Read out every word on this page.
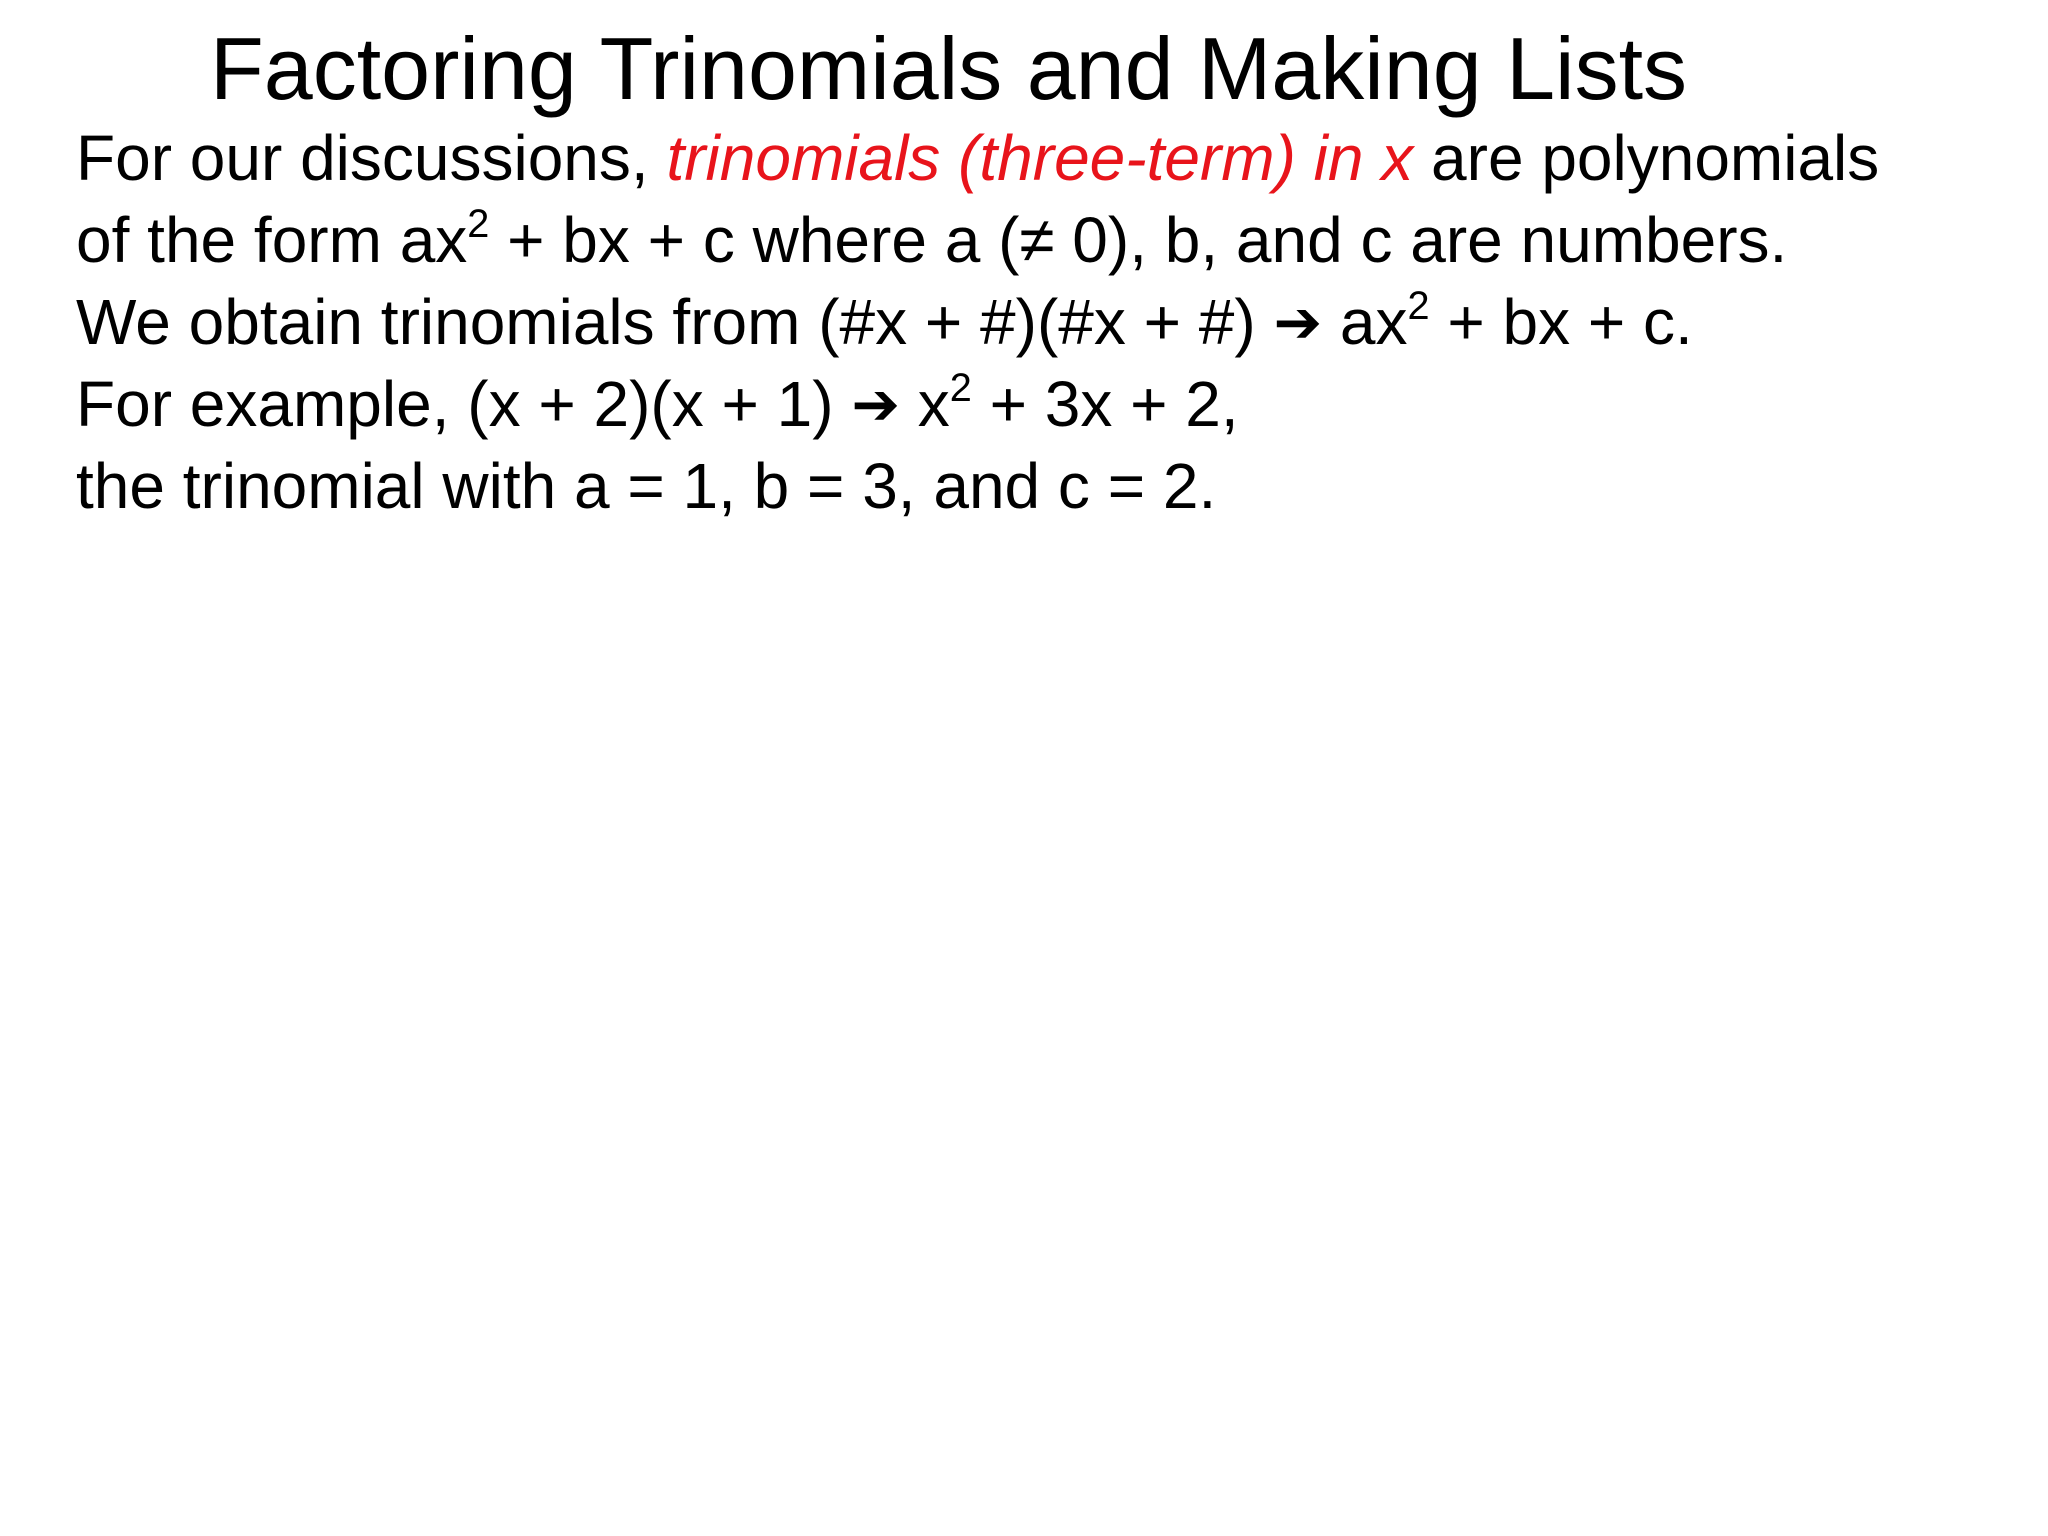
Factoring Trinomials and Making Lists
For our discussions, trinomials (three-term) in x are polynomials
of the form $ax^2$ + bx + c where a (≠ 0), b, and c are numbers.
We obtain trinomials from (#x + #)(#x + #) ➔ $ax^2$ + bx + c.
For example, (x + 2)(x + 1) ➔ $x^2 + 3x + 2$,
the trinomial with a = 1, b = 3, and c = 2.
